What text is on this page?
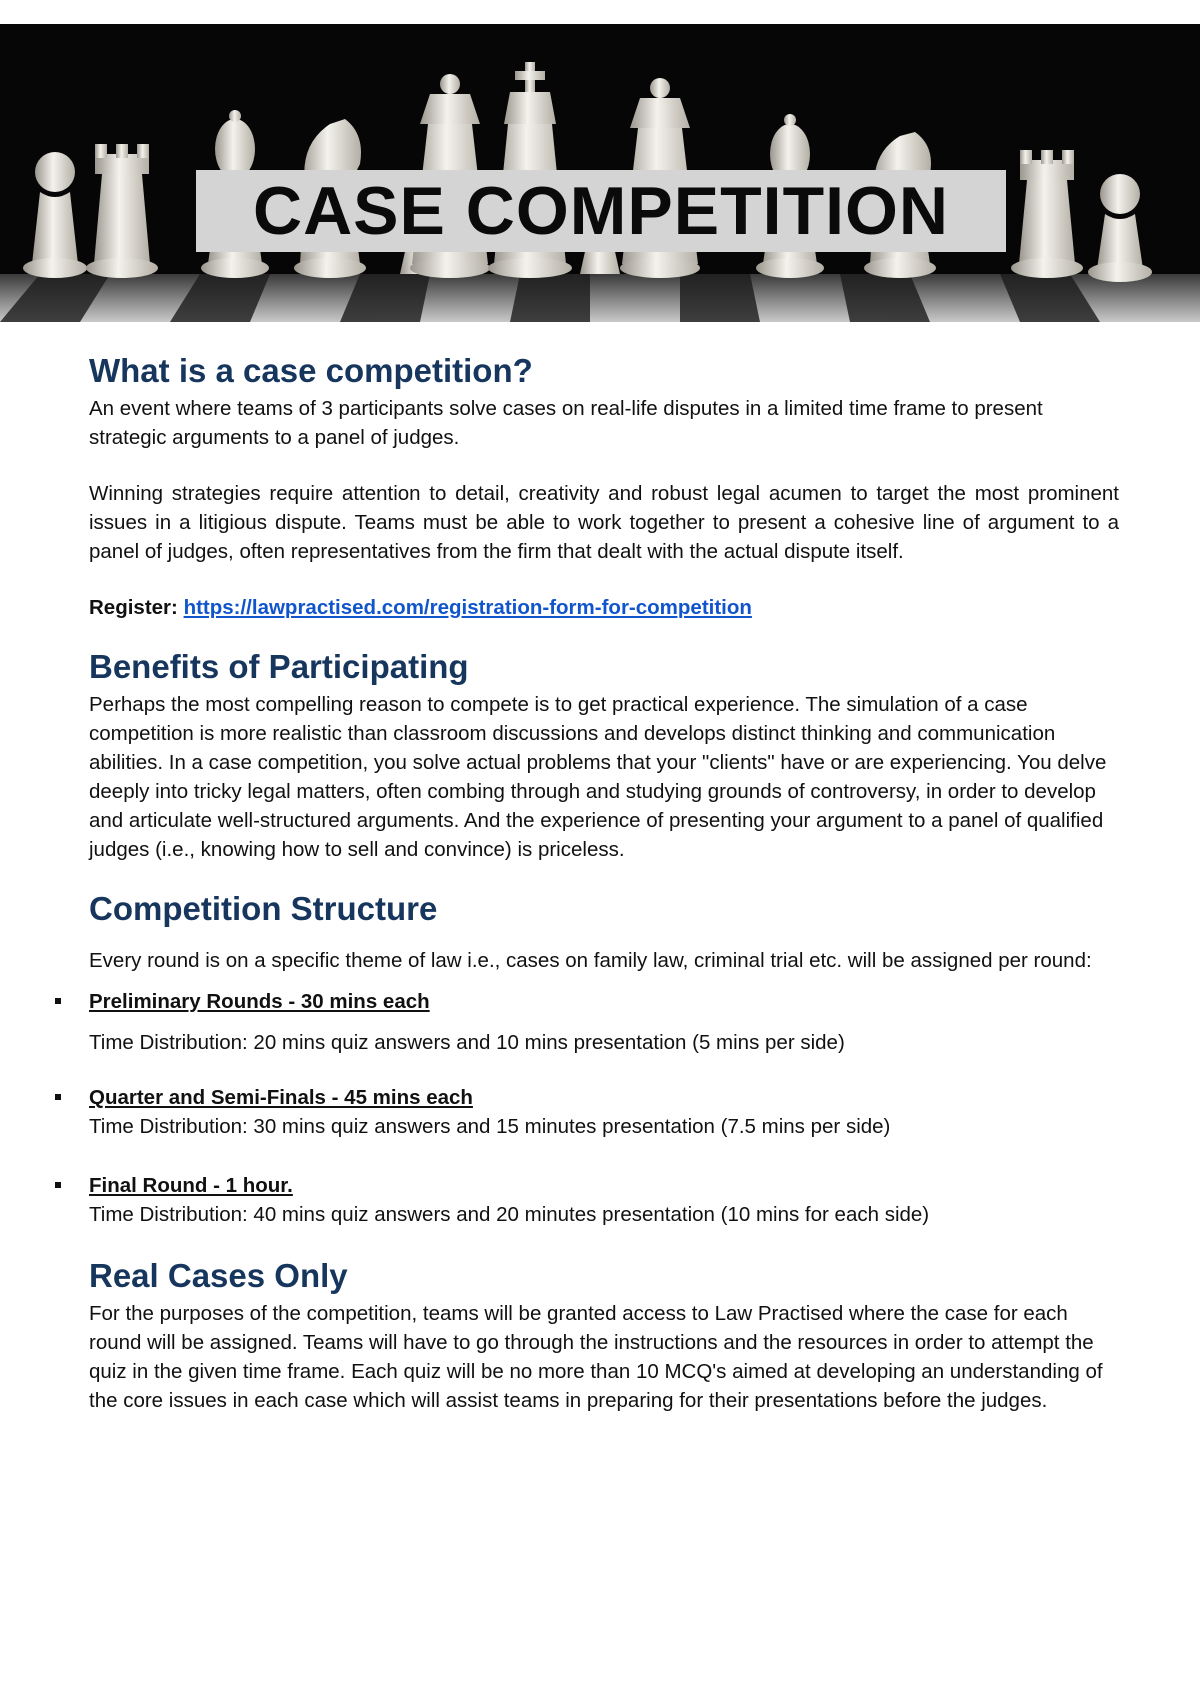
CASE COMPETITION
What is a case competition?

An event where teams of 3 participants solve cases on real-life disputes in a limited time frame to present strategic arguments to a panel of judges.

Winning strategies require attention to detail, creativity and robust legal acumen to target the most prominent issues in a litigious dispute. Teams must be able to work together to present a cohesive line of argument to a panel of judges, often representatives from the firm that dealt with the actual dispute itself.

Register: https://lawpractised.com/registration-form-for-competition

Benefits of Participating

Perhaps the most compelling reason to compete is to get practical experience. The simulation of a case competition is more realistic than classroom discussions and develops distinct thinking and communication abilities. In a case competition, you solve actual problems that your "clients" have or are experiencing. You delve deeply into tricky legal matters, often combing through and studying grounds of controversy, in order to develop and articulate well-structured arguments. And the experience of presenting your argument to a panel of qualified judges (i.e., knowing how to sell and convince) is priceless.

Competition Structure

Every round is on a specific theme of law i.e., cases on family law, criminal trial etc. will be assigned per round:

Preliminary Rounds - 30 mins each

Time Distribution: 20 mins quiz answers and 10 mins presentation (5 mins per side)

Quarter and Semi-Finals - 45 mins each

Time Distribution: 30 mins quiz answers and 15 minutes presentation (7.5 mins per side)

Final Round - 1 hour.

Time Distribution: 40 mins quiz answers and 20 minutes presentation (10 mins for each side)

Real Cases Only

For the purposes of the competition, teams will be granted access to Law Practised where the case for each round will be assigned. Teams will have to go through the instructions and the resources in order to attempt the quiz in the given time frame. Each quiz will be no more than 10 MCQ's aimed at developing an understanding of the core issues in each case which will assist teams in preparing for their presentations before the judges.
